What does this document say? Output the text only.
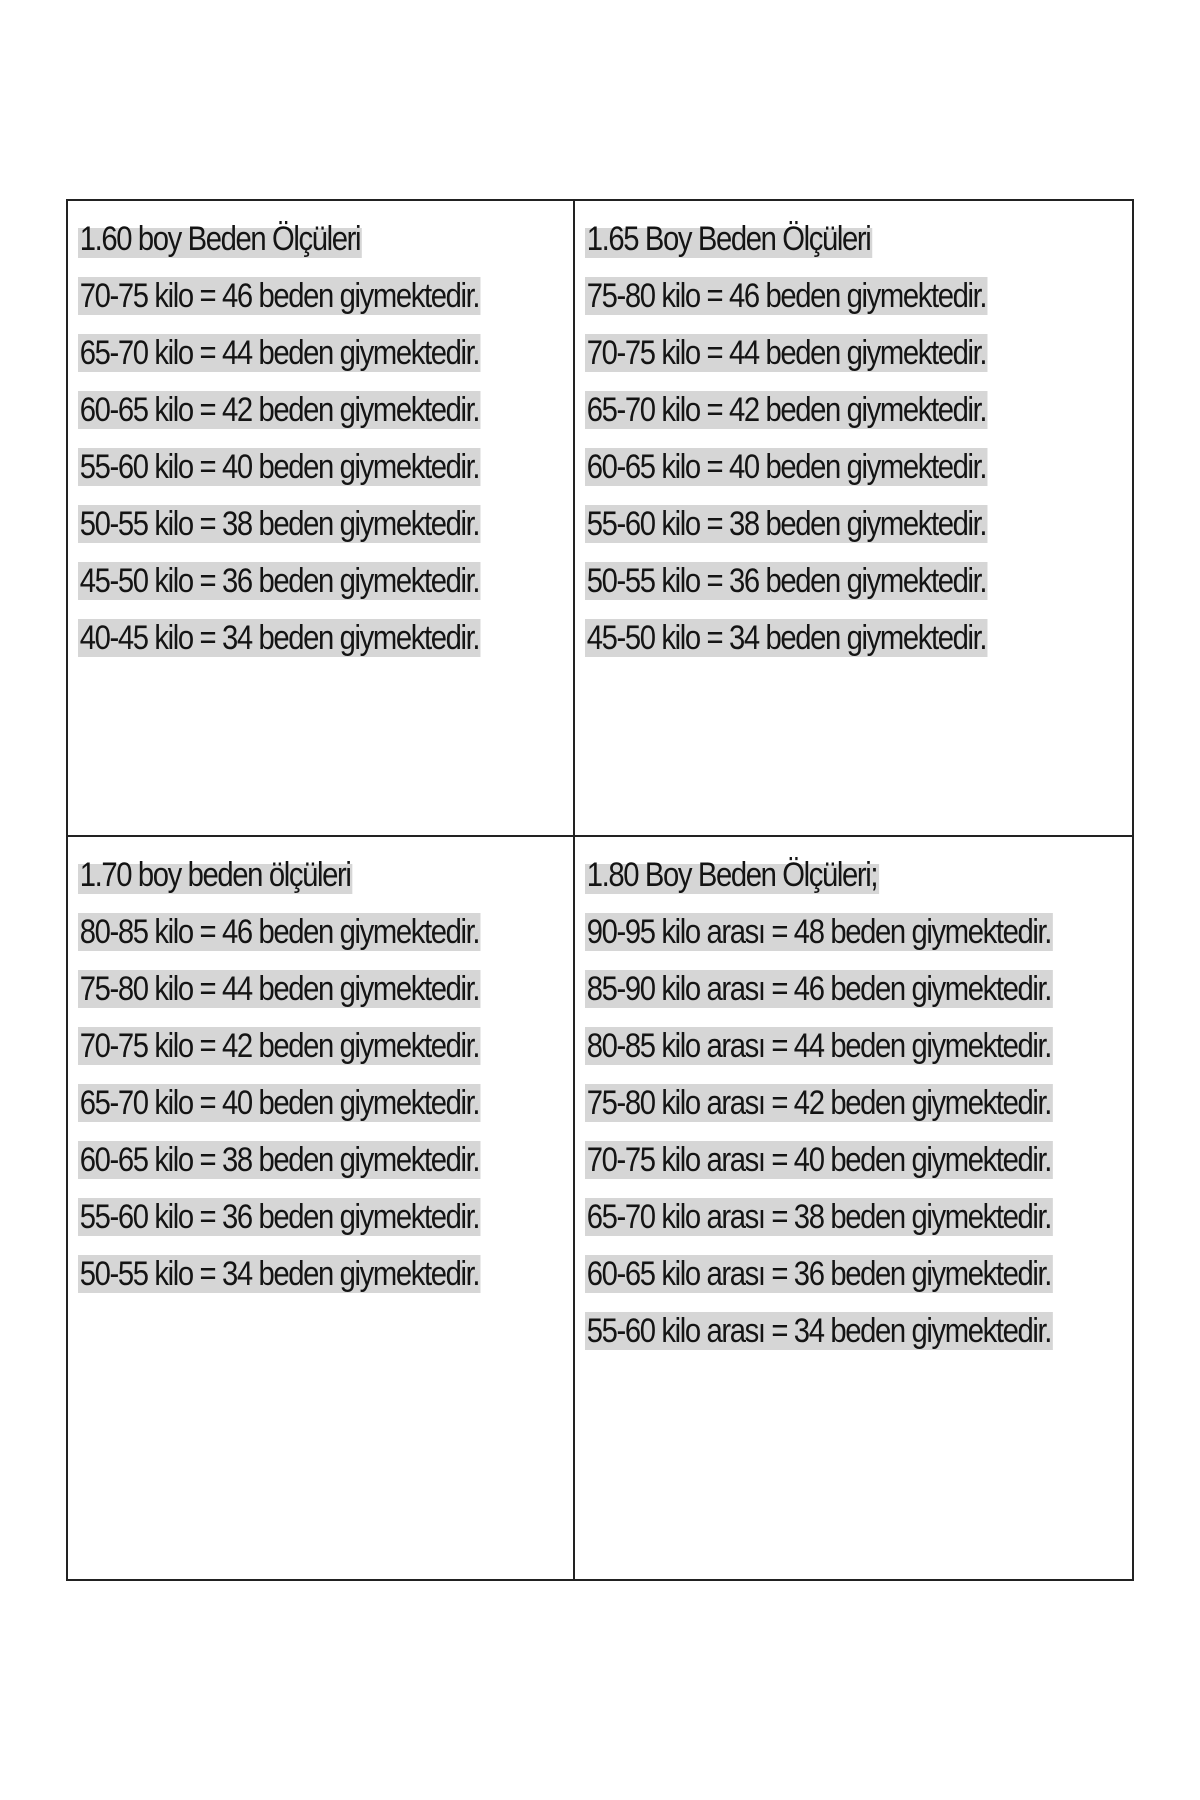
1.60 boy Beden Ölçüleri
70-75 kilo = 46 beden giymektedir.
65-70 kilo = 44 beden giymektedir.
60-65 kilo = 42 beden giymektedir.
55-60 kilo = 40 beden giymektedir.
50-55 kilo = 38 beden giymektedir.
45-50 kilo = 36 beden giymektedir.
40-45 kilo = 34 beden giymektedir.
1.65 Boy Beden Ölçüleri
75-80 kilo = 46 beden giymektedir.
70-75 kilo = 44 beden giymektedir.
65-70 kilo = 42 beden giymektedir.
60-65 kilo = 40 beden giymektedir.
55-60 kilo = 38 beden giymektedir.
50-55 kilo = 36 beden giymektedir.
45-50 kilo = 34 beden giymektedir.
1.70 boy beden ölçüleri
80-85 kilo = 46 beden giymektedir.
75-80 kilo = 44 beden giymektedir.
70-75 kilo = 42 beden giymektedir.
65-70 kilo = 40 beden giymektedir.
60-65 kilo = 38 beden giymektedir.
55-60 kilo = 36 beden giymektedir.
50-55 kilo = 34 beden giymektedir.
1.80 Boy Beden Ölçüleri;
90-95 kilo arası = 48 beden giymektedir.
85-90 kilo arası = 46 beden giymektedir.
80-85 kilo arası = 44 beden giymektedir.
75-80 kilo arası = 42 beden giymektedir.
70-75 kilo arası = 40 beden giymektedir.
65-70 kilo arası = 38 beden giymektedir.
60-65 kilo arası = 36 beden giymektedir.
55-60 kilo arası = 34 beden giymektedir.
